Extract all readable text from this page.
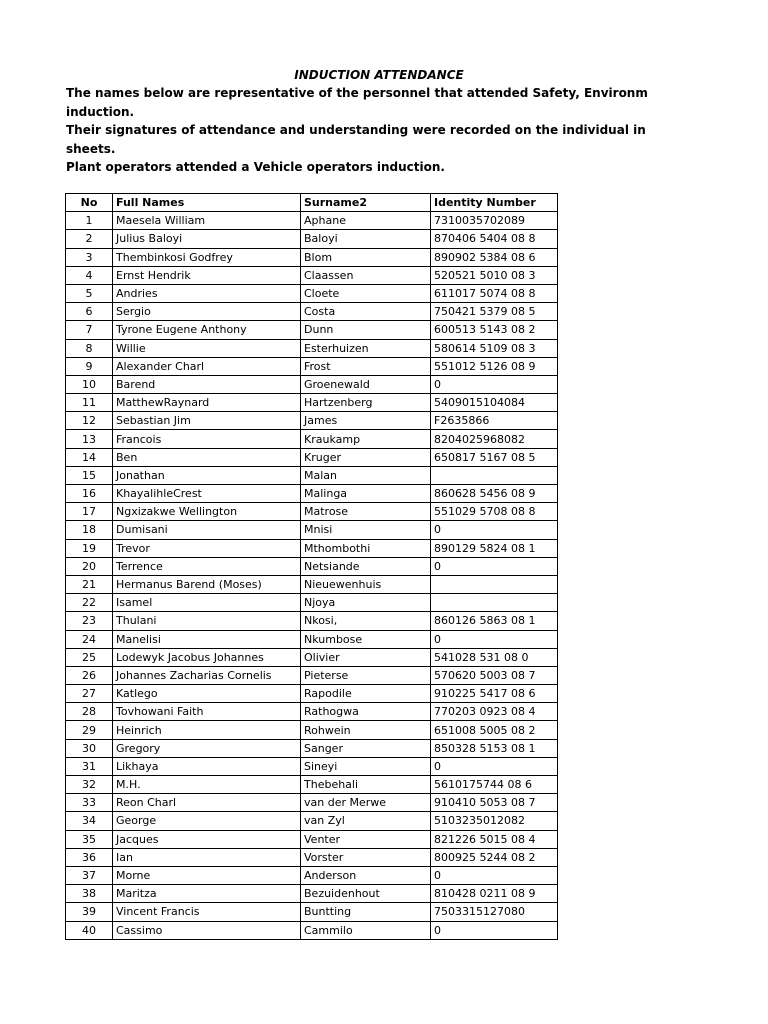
INDUCTION ATTENDANCE

The names below are representative of the personnel that attended Safety, Environm

induction.

Their signatures of attendance and understanding were recorded on the individual in

sheets.

Plant operators attended a Vehicle operators induction.

No	Full Names	Surname2	Identity Number
1	Maesela William	Aphane	7310035702089
2	Julius Baloyi	Baloyi	870406 5404 08 8
3	Thembinkosi Godfrey	Blom	890902 5384 08 6
4	Ernst Hendrik	Claassen	520521 5010 08 3
5	Andries	Cloete	611017 5074 08 8
6	Sergio	Costa	750421 5379 08 5
7	Tyrone Eugene Anthony	Dunn	600513 5143 08 2
8	Willie	Esterhuizen	580614 5109 08 3
9	Alexander Charl	Frost	551012 5126 08 9
10	Barend	Groenewald	0
11	MatthewRaynard	Hartzenberg	5409015104084
12	Sebastian Jim	James	F2635866
13	Francois	Kraukamp	8204025968082
14	Ben	Kruger	650817 5167 08 5
15	Jonathan	Malan	
16	KhayalihleCrest	Malinga	860628 5456 08 9
17	Ngxizakwe Wellington	Matrose	551029 5708 08 8
18	Dumisani	Mnisi	0
19	Trevor	Mthombothi	890129 5824 08 1
20	Terrence	Netsiande	0
21	Hermanus Barend (Moses)	Nieuewenhuis	
22	Isamel	Njoya	
23	Thulani	Nkosi,	860126 5863 08 1
24	Manelisi	Nkumbose	0
25	Lodewyk Jacobus Johannes	Olivier	541028 531 08 0
26	Johannes Zacharias Cornelis	Pieterse	570620 5003 08 7
27	Katlego	Rapodile	910225 5417 08 6
28	Tovhowani Faith	Rathogwa	770203 0923 08 4
29	Heinrich	Rohwein	651008 5005 08 2
30	Gregory	Sanger	850328 5153 08 1
31	Likhaya	Sineyi	0
32	M.H.	Thebehali	5610175744 08 6
33	Reon Charl	van der Merwe	910410 5053 08 7
34	George	van Zyl	5103235012082
35	Jacques	Venter	821226 5015 08 4
36	Ian	Vorster	800925 5244 08 2
37	Morne	Anderson	0
38	Maritza	Bezuidenhout	810428 0211 08 9
39	Vincent Francis	Buntting	7503315127080
40	Cassimo	Cammilo	0
